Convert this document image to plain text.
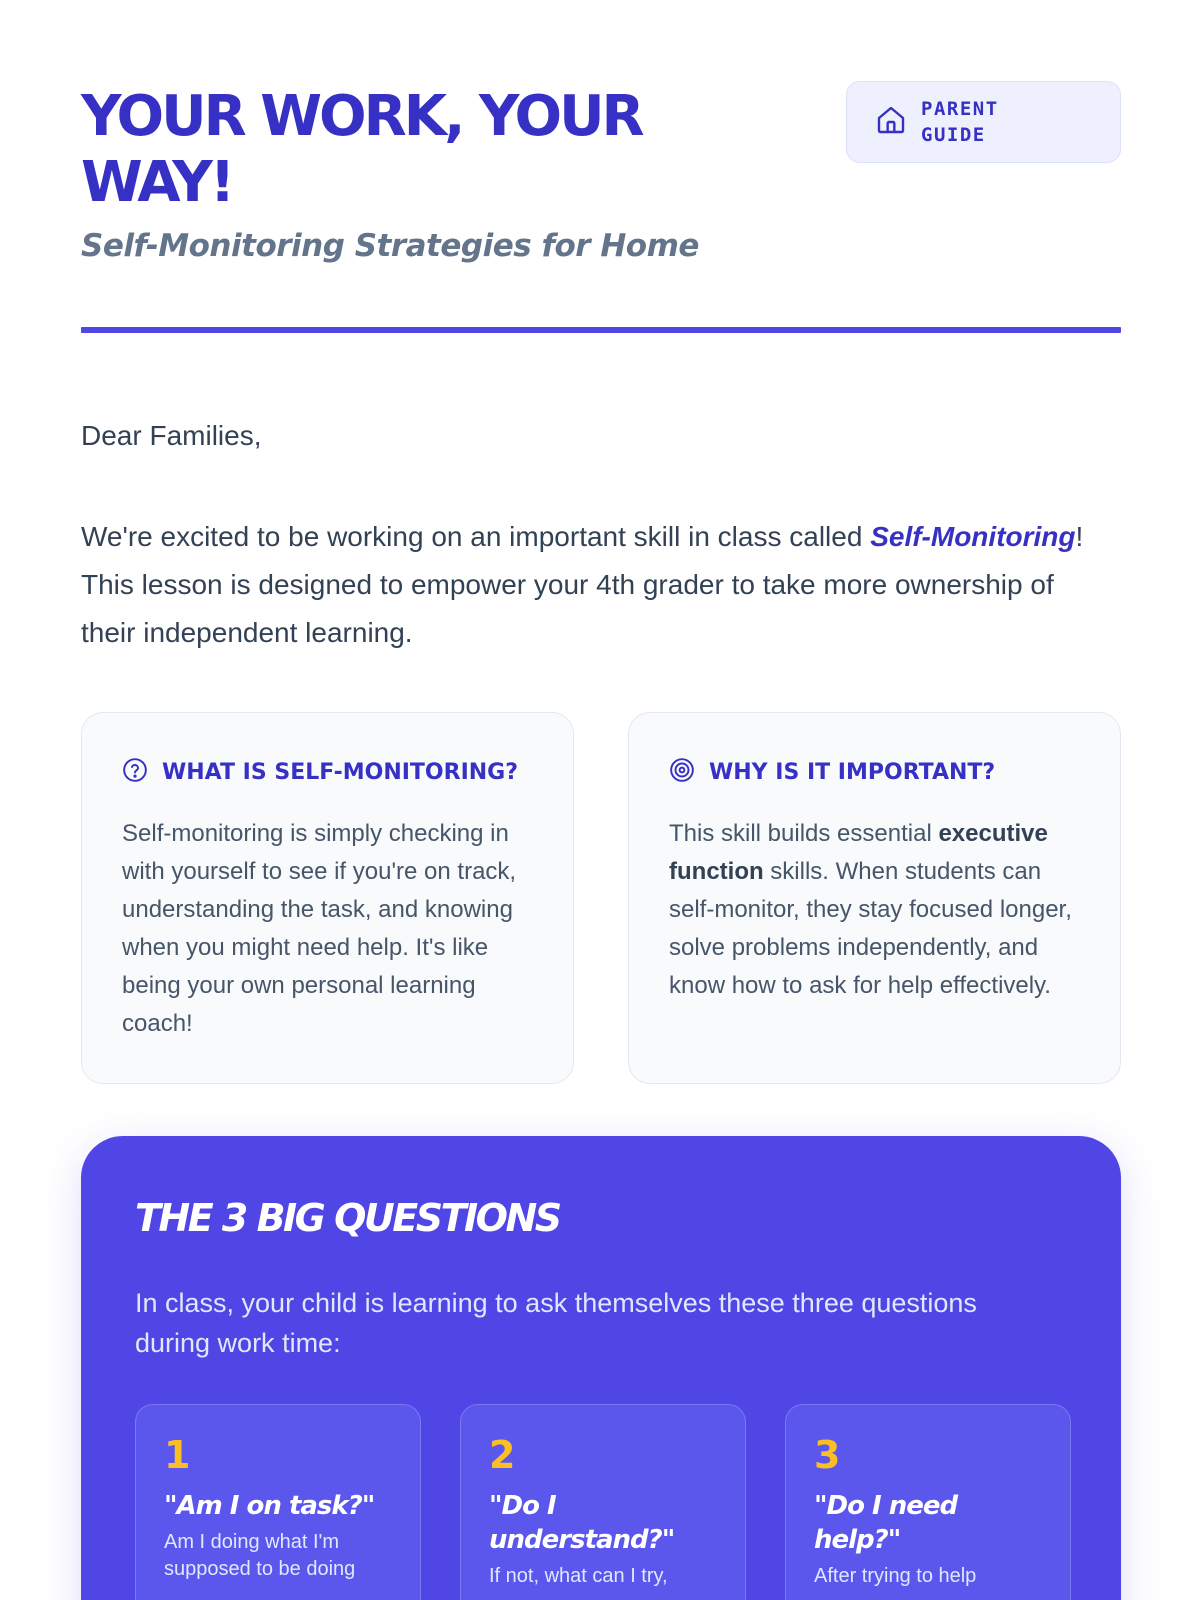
YOUR WORK, YOUR WAY!
Self-Monitoring Strategies for Home
PARENT GUIDE

Dear Families,

We're excited to be working on an important skill in class called Self-Monitoring! This lesson is designed to empower your 4th grader to take more ownership of their independent learning.

WHAT IS SELF-MONITORING?

Self-monitoring is simply checking in with yourself to see if you're on track, understanding the task, and knowing when you might need help. It's like being your own personal learning coach!

WHY IS IT IMPORTANT?

This skill builds essential executive function skills. When students can self-monitor, they stay focused longer, solve problems independently, and know how to ask for help effectively.

THE 3 BIG QUESTIONS

In class, your child is learning to ask themselves these three questions during work time:

1
"Am I on task?"
Am I doing what I'm supposed to be doing
2
"Do I understand?"
If not, what can I try,
3
"Do I need help?"
After trying to help
